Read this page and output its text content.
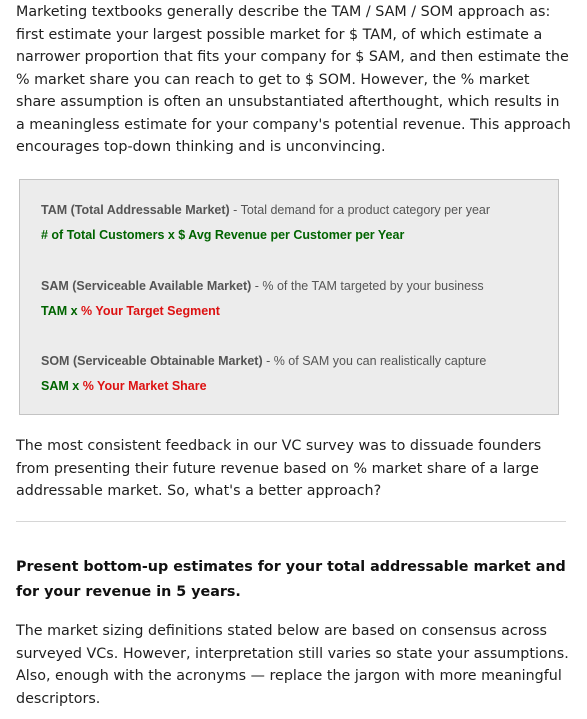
Marketing textbooks generally describe the TAM / SAM / SOM approach as: first estimate your largest possible market for $ TAM, of which estimate a narrower proportion that fits your company for $ SAM, and then estimate the % market share you can reach to get to $ SOM. However, the % market share assumption is often an unsubstantiated afterthought, which results in a meaningless estimate for your company's potential revenue. This approach encourages top-down thinking and is unconvincing.

TAM (Total Addressable Market) - Total demand for a product category per year

# of Total Customers x $ Avg Revenue per Customer per Year

SAM (Serviceable Available Market) - % of the TAM targeted by your business

TAM x % Your Target Segment

SOM (Serviceable Obtainable Market) - % of SAM you can realistically capture

SAM x % Your Market Share

The most consistent feedback in our VC survey was to dissuade founders from presenting their future revenue based on % market share of a large addressable market. So, what's a better approach?

Present bottom-up estimates for your total addressable market and for your revenue in 5 years.

The market sizing definitions stated below are based on consensus across surveyed VCs. However, interpretation still varies so state your assumptions. Also, enough with the acronyms — replace the jargon with more meaningful descriptors.
